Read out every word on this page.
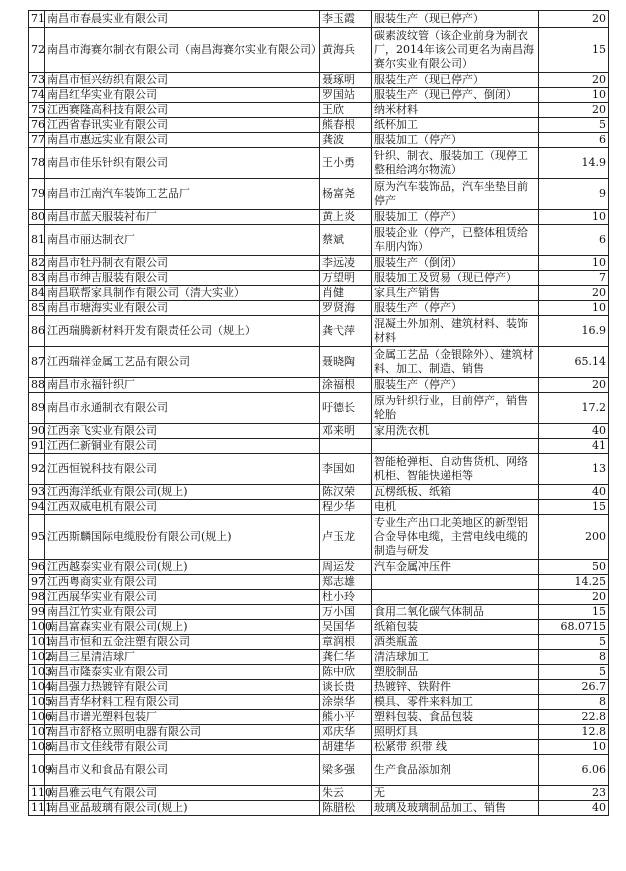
71	南昌市春晨实业有限公司	李玉霞	服装生产（现已停产）	20
72	南昌市海赛尔制衣有限公司（南昌海赛尔实业有限公司）	黄海兵	碳素波纹管（该企业前身为制衣厂，2014年该公司更名为南昌海赛尔实业有限公司）	15
73	南昌市恒兴纺织有限公司	聂琢明	服装生产（现已停产）	20
74	南昌红华实业有限公司	罗国站	服装生产（现已停产、倒闭）	10
75	江西赛隆高科技有限公司	王欣	纳米材料	20
76	江西省春讯实业有限公司	熊春根	纸杯加工	5
77	南昌市惠远实业有限公司	龚波	服装加工（停产）	6
78	南昌市佳乐针织有限公司	王小勇	针织、制衣、服装加工（现停工整租给鸿尔物流）	14.9
79	南昌市江南汽车装饰工艺品厂	杨富尧	原为汽车装饰品，汽车坐垫目前停产	9
80	南昌市蓝天服装衬布厂	黄上炎	服装加工（停产）	10
81	南昌市丽达制衣厂	蔡斌	服装企业（停产，已整体租赁给车朋内饰）	6
82	南昌市牡丹制衣有限公司	李远凌	服装生产（倒闭）	10
83	南昌市绅吉服装有限公司	万望明	服装加工及贸易（现已停产）	7
84	南昌联帮家具制作有限公司（清大实业）	肖健	家具生产销售	20
85	南昌市塘海实业有限公司	罗贤海	服装生产（停产）	10
86	江西瑞腾新材料开发有限责任公司（规上）	龚弋萍	混凝土外加剂、建筑材料、装饰材料	16.9
87	江西瑞祥金属工艺品有限公司	聂晓陶	金属工艺品（金银除外）、建筑材料、加工、制造、销售	65.14
88	南昌市永福针织厂	涂福根	服装生产（停产）	20
89	南昌市永通制衣有限公司	吁德长	原为针织行业，目前停产，销售轮胎	17.2
90	江西亲飞实业有限公司	邓来明	家用洗衣机	40
91	江西仁新铜业有限公司			41
92	江西恒锐科技有限公司	李国如	智能枪弹柜、自动售货机、网络机柜、智能快递柜等	13
93	江西海洋纸业有限公司(规上)	陈汉荣	瓦楞纸板、纸箱	40
94	江西双威电机有限公司	程少华	电机	15
95	江西斯麟国际电缆股份有限公司(规上)	卢玉龙	专业生产出口北美地区的新型铝合金导体电缆，主营电线电缆的制造与研发	200
96	江西越泰实业有限公司(规上)	周运发	汽车金属冲压件	50
97	江西粤商实业有限公司	郑志雄		14.25
98	江西展华实业有限公司	杜小玲		20
99	南昌江竹实业有限公司	万小国	食用二氧化碳气体制品	15
100	南昌富森实业有限公司(规上)	吴国华	纸箱包装	68.0715
101	南昌市恒和五金注塑有限公司	章润根	酒类瓶盖	5
102	南昌三星清洁球厂	龚仁华	清洁球加工	8
103	南昌市隆泰实业有限公司	陈中欣	塑胶制品	5
104	南昌强力热镀锌有限公司	谈长贵	热镀锌、铁附件	26.7
105	南昌青华材料工程有限公司	涂崇华	模具、零件来料加工	8
106	南昌市谱光塑料包装厂	熊小平	塑料包装、食品包装	22.8
107	南昌市舒格立照明电器有限公司	邓庆华	照明灯具	12.8
108	南昌市文佳线带有限公司	胡建华	松紧带 织带 线	10
109	南昌市义和食品有限公司	梁多强	生产食品添加剂	6.06
110	南昌雅云电气有限公司	朱云	无	23
111	南昌亚晶玻璃有限公司(规上)	陈腊松	玻璃及玻璃制品加工、销售	40
